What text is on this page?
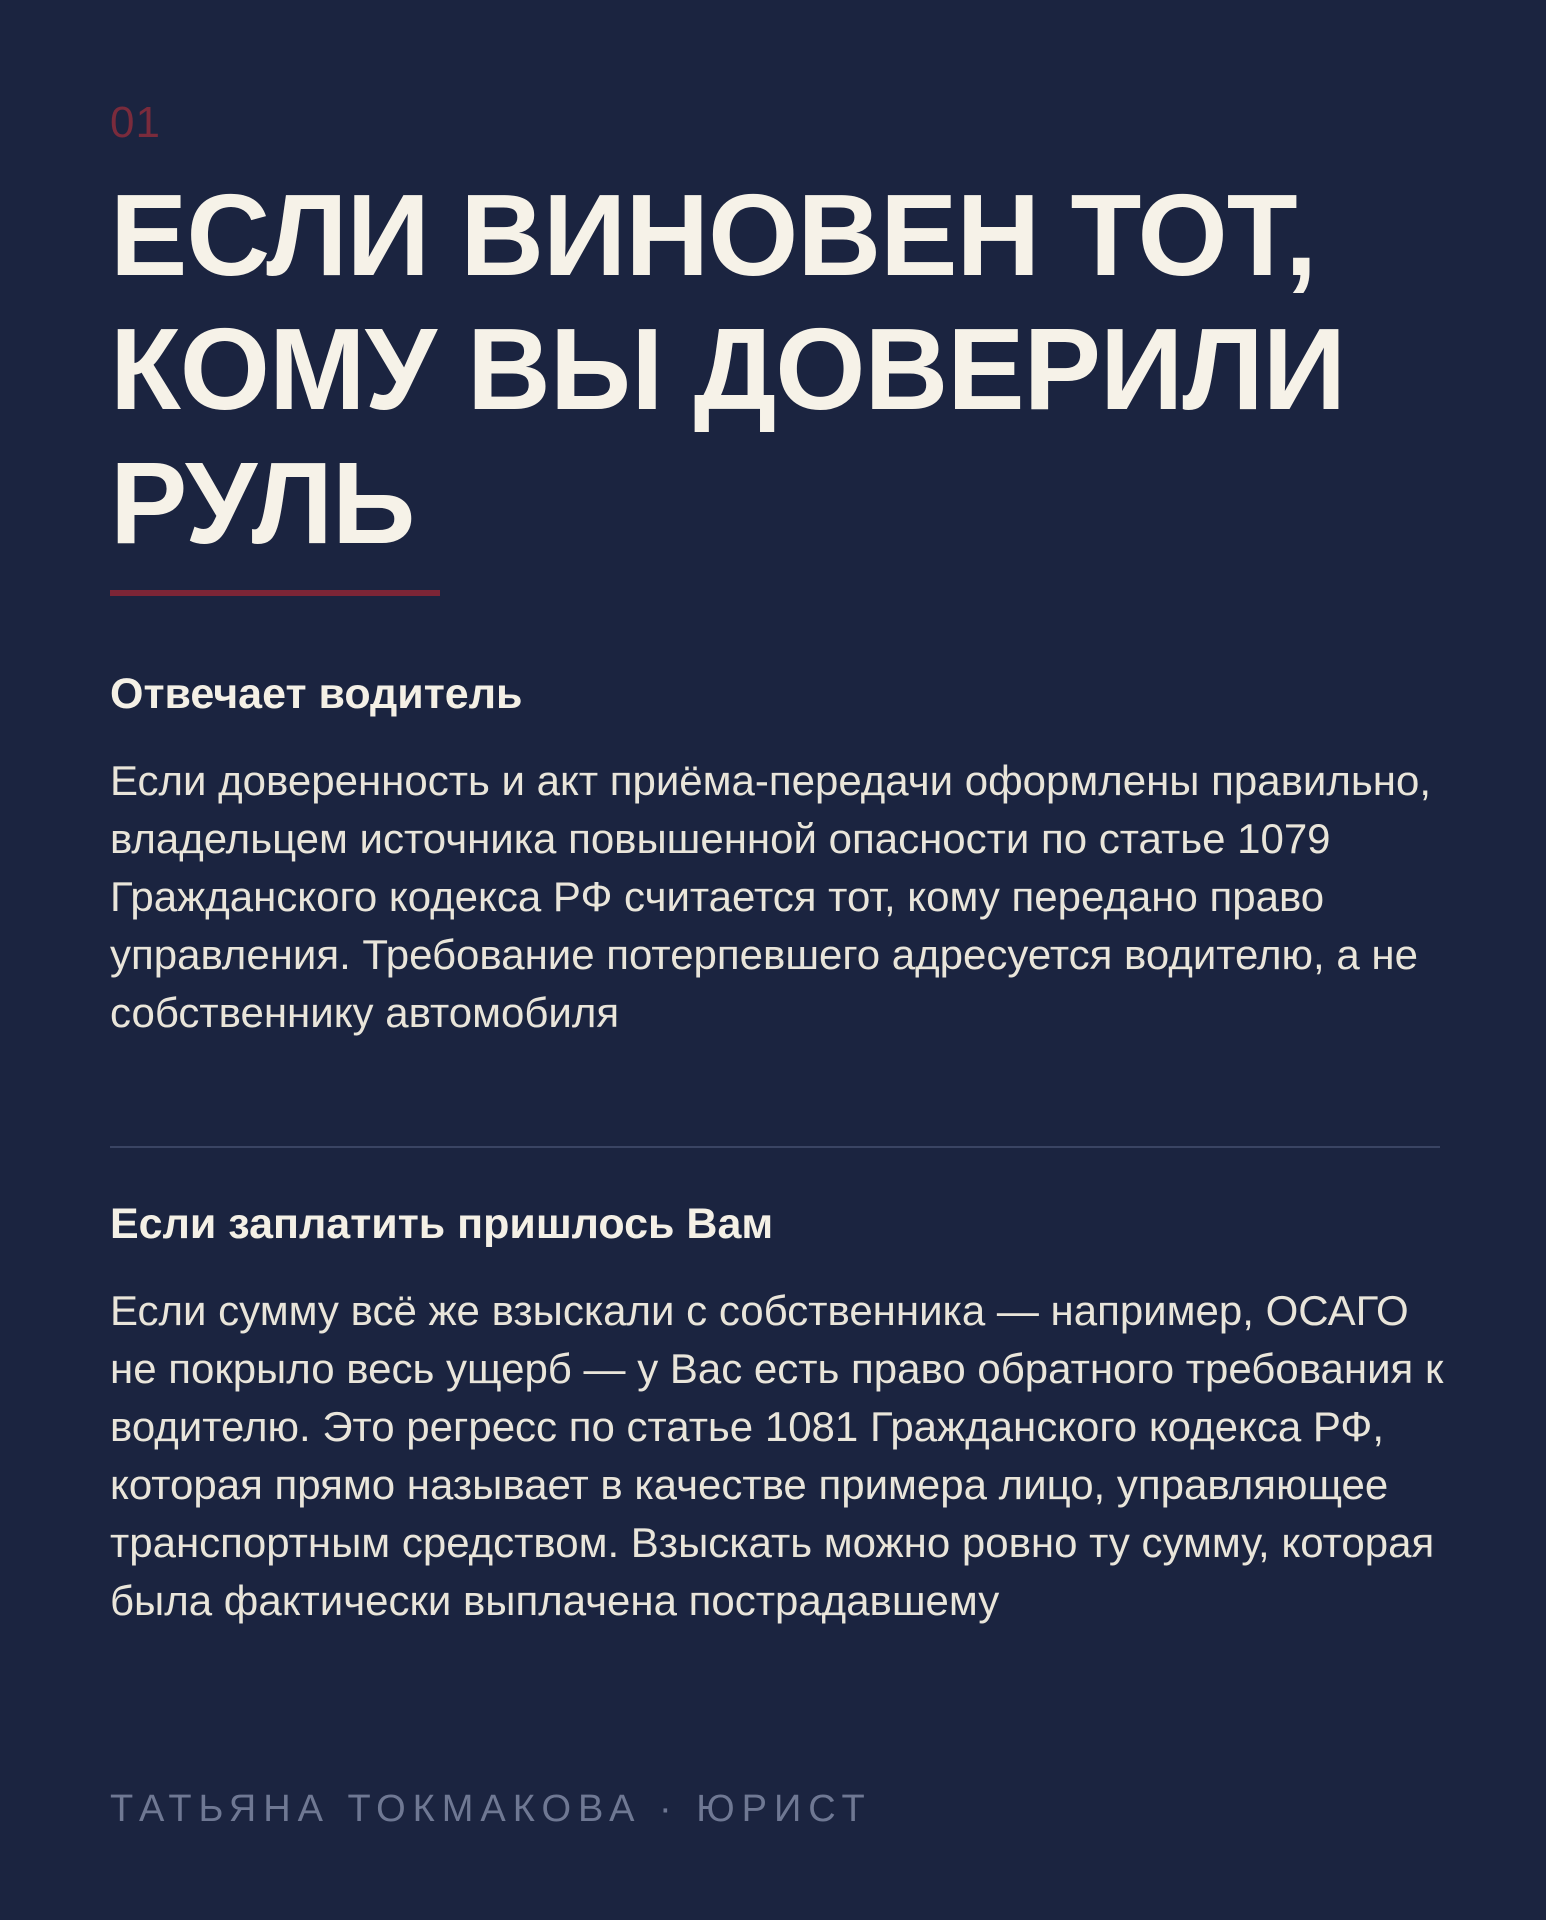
01
ЕСЛИ ВИНОВЕН ТОТ, КОМУ ВЫ ДОВЕРИЛИ РУЛЬ
Отвечает водитель

Если доверенность и акт приёма-передачи оформлены правильно, владельцем источника повышенной опасности по статье 1079 Гражданского кодекса РФ считается тот, кому передано право управления. Требование потерпевшего адресуется водителю, а не собственнику автомобиля

Если заплатить пришлось Вам

Если сумму всё же взыскали с собственника — например, ОСАГО не покрыло весь ущерб — у Вас есть право обратного требования к водителю. Это регресс по статье 1081 Гражданского кодекса РФ, которая прямо называет в качестве примера лицо, управляющее транспортным средством. Взыскать можно ровно ту сумму, которая была фактически выплачена пострадавшему

ТАТЬЯНА ТОКМАКОВА · ЮРИСТ
